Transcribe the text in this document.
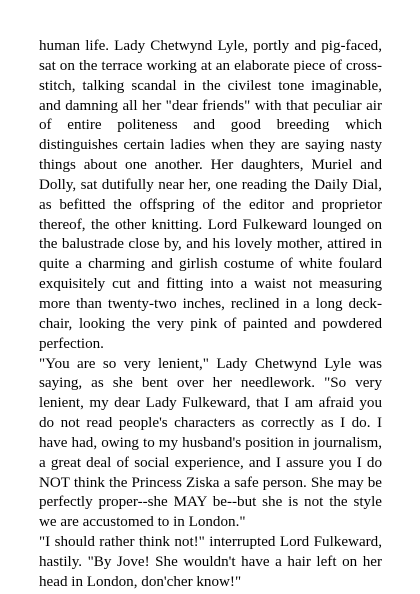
human life. Lady Chetwynd Lyle, portly and pig-faced, sat on the terrace working at an elaborate piece of cross- stitch, talking scandal in the civilest tone imaginable, and damning all her "dear friends" with that peculiar air of entire politeness and good breeding which distinguishes certain ladies when they are saying nasty things about one another. Her daughters, Muriel and Dolly, sat dutifully near her, one reading the Daily Dial, as befitted the offspring of the editor and proprietor thereof, the other knitting. Lord Fulkeward lounged on the balustrade close by, and his lovely mother, attired in quite a charming and girlish costume of white foulard exquisitely cut and fitting into a waist not measuring more than twenty-two inches, reclined in a long deck-chair, looking the very pink of painted and powdered perfection.

"You are so very lenient," Lady Chetwynd Lyle was saying, as she bent over her needlework. "So very lenient, my dear Lady Fulkeward, that I am afraid you do not read people's characters as correctly as I do. I have had, owing to my husband's position in journalism, a great deal of social experience, and I assure you I do NOT think the Princess Ziska a safe person. She may be perfectly proper--she MAY be--but she is not the style we are accustomed to in London."

"I should rather think not!" interrupted Lord Fulkeward, hastily. "By Jove! She wouldn't have a hair left on her head in London, don'cher know!"
